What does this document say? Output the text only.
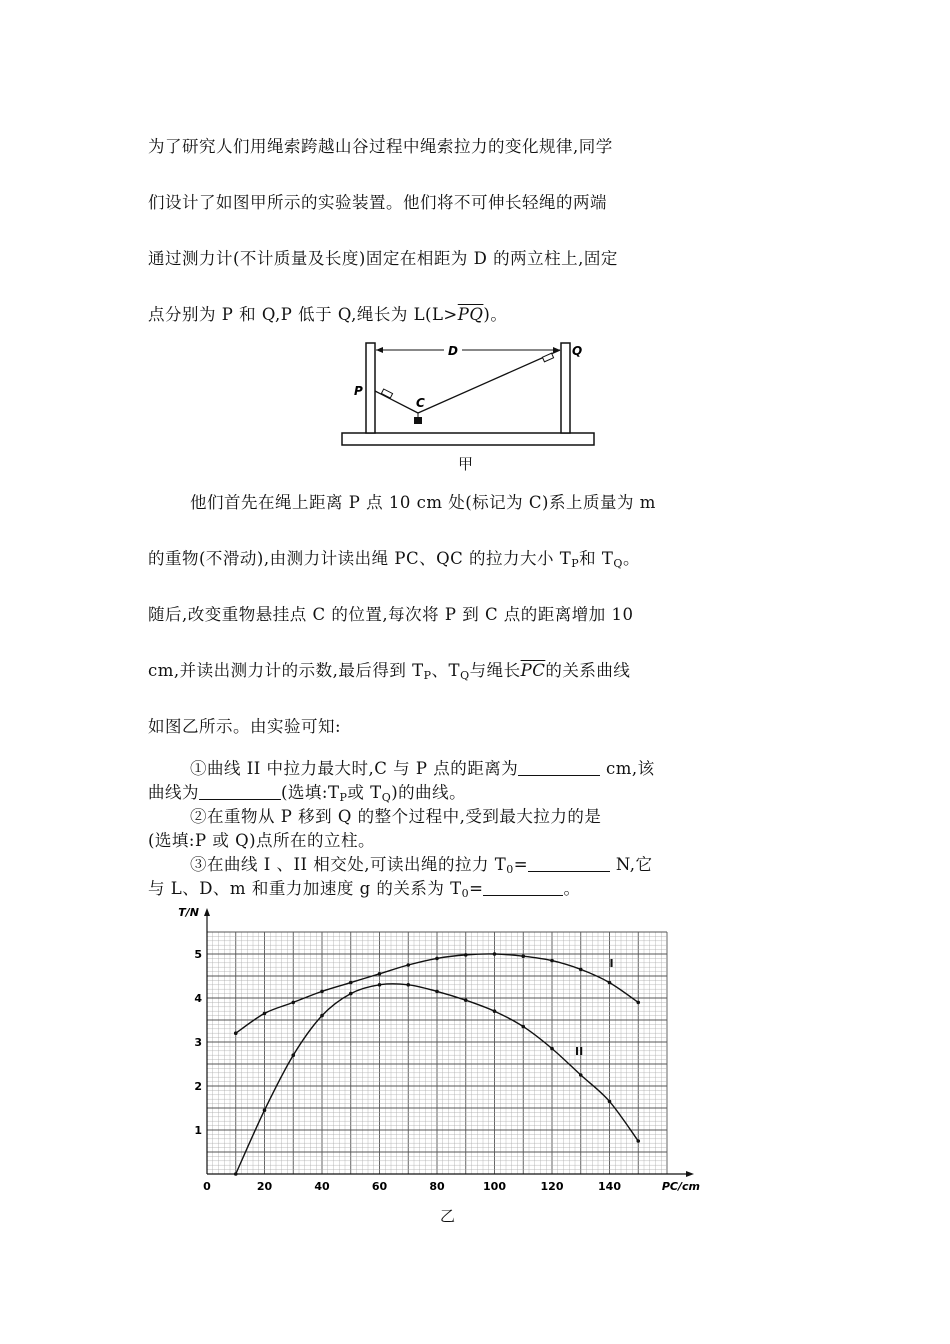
为了研究人们用绳索跨越山谷过程中绳索拉力的变化规律,同学
们设计了如图甲所示的实验装置。他们将不可伸长轻绳的两端
通过测力计(不计质量及长度)固定在相距为 D 的两立柱上,固定
点分别为 P 和 Q,P 低于 Q,绳长为 $L(L>\overline{PQ})$。
D	Q
P
C
甲
他们首先在绳上距离 P 点 10 cm 处(标记为 C)系上质量为 m
的重物(不滑动),由测力计读出绳 PC、QC 的拉力大小 $T_P$和 $T_Q$。
随后,改变重物悬挂点 C 的位置,每次将 P 到 C 点的距离增加 10
cm,并读出测力计的示数,最后得到 $T_P$、$T_Q$与绳长$\overline{PC}$的关系曲线
如图乙所示。由实验可知:
①曲线 II 中拉力最大时,C 与 P 点的距离为	cm,该
曲线为	(选填$:T_P$或 $T_Q$)的曲线。
②在重物从 P 移到 Q 的整个过程中,受到最大拉力的是
(选填:P 或 Q)点所在的立柱。
③在曲线 I 、II 相交处,可读出绳的拉力 $T_0=$	N,它
与 L、D、m 和重力加速度 g 的关系为 $T_0=$	。
0	20	40	60	80	100	120	140
1
2
3
4
5
T/N
PC/cm
I
II
乙
